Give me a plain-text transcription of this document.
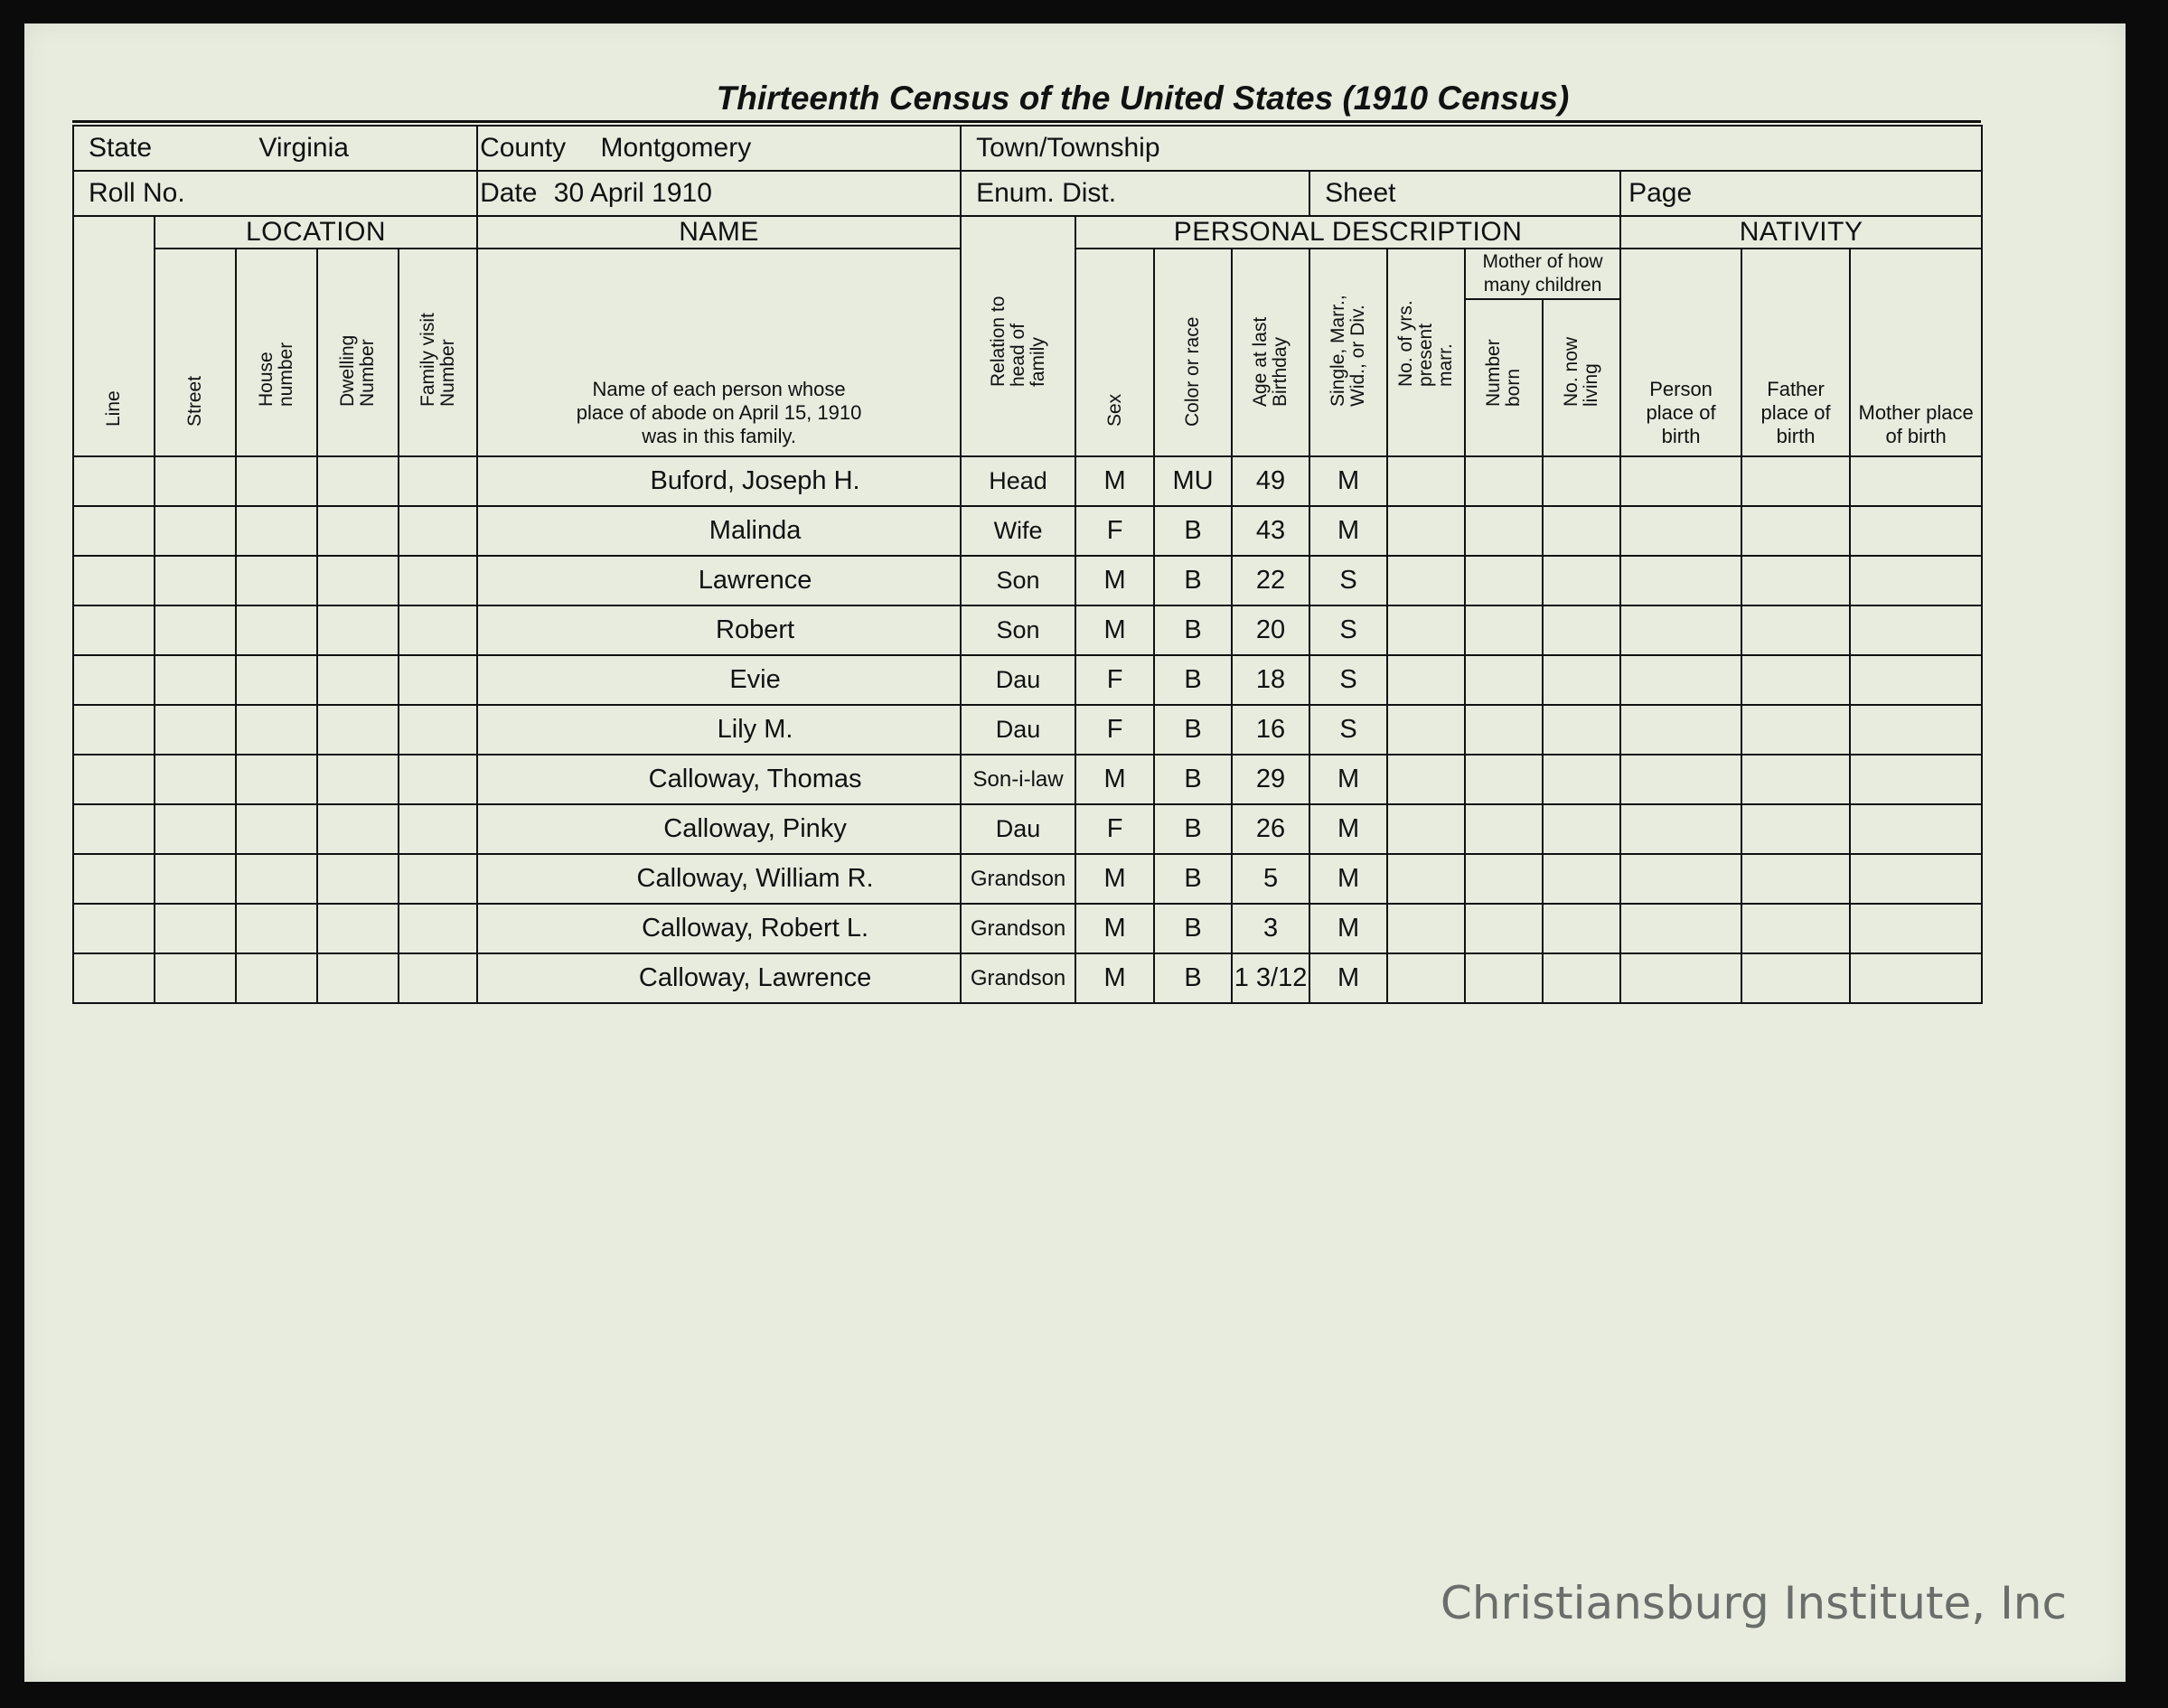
Thirteenth Census of the United States (1910 Census)
State Virginia					County Montgomery	Town/Township										
Roll No.					Date 30 April 1910	Enum. Dist.				Sheet				Page		

Line	LOCATION				NAME	Relation to head of family	PERSONAL DESCRIPTION							NATIVITY		

	Street	House number	Dwelling Number	Family visit Number	Name of each person whose place of abode on April 15, 1910 was in this family.		Sex	Color or race	Age at last Birthday	Single, Marr., Wid., or Div.	No. of yrs. present marr.	Mother of how many children		Person place of birth	Father place of birth	Mother place of birth

												Number born	No. now living			

					Buford, Joseph H.	Head	M	MU	49	M						
					Malinda	Wife	F	B	43	M						
					Lawrence	Son	M	B	22	S						
					Robert	Son	M	B	20	S						
					Evie	Dau	F	B	18	S						
					Lily M.	Dau	F	B	16	S						
					Calloway, Thomas	Son-i-law	M	B	29	M						
					Calloway, Pinky	Dau	F	B	26	M						
					Calloway, William R.	Grandson	M	B	5	M						
					Calloway, Robert L.	Grandson	M	B	3	M						
					Calloway, Lawrence	Grandson	M	B	1 3/12	M						
Christiansburg Institute, Inc
